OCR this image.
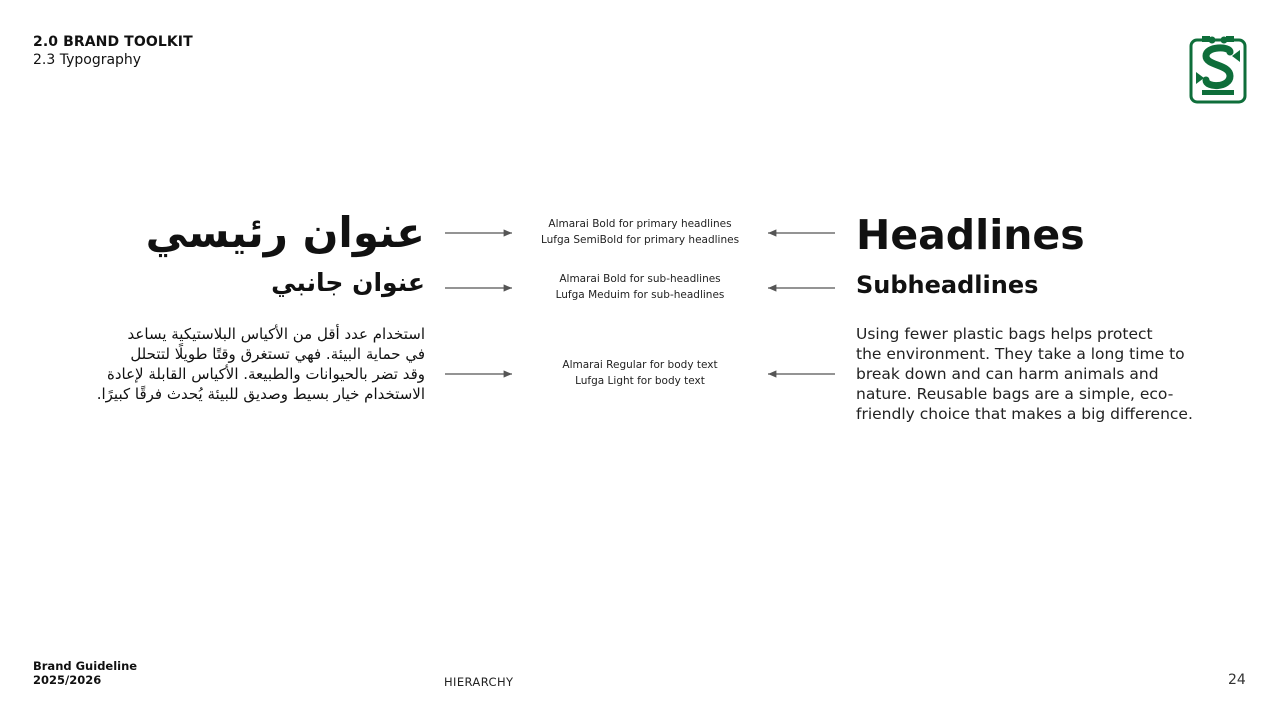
2.0 BRAND TOOLKIT
2.3 Typography
عنوان رئيسي
عنوان جانبي
استخدام عدد أقل من الأكياس البلاستيكية يساعد
في حماية البيئة. فهي تستغرق وقتًا طويلًا لتتحلل
وقد تضر بالحيوانات والطبيعة. الأكياس القابلة لإعادة
الاستخدام خيار بسيط وصديق للبيئة يُحدث فرقًا كبيرًا.
Almarai Bold for primary headlines
Lufga SemiBold for primary headlines
Almarai Bold for sub-headlines
Lufga Meduim for sub-headlines
Almarai Regular for body text
Lufga Light for body text
Headlines
Subheadlines
Using fewer plastic bags helps protect
the environment. They take a long time to
break down and can harm animals and
nature. Reusable bags are a simple, eco-
friendly choice that makes a big difference.
Brand Guideline
2025/2026	HIERARCHY	24
